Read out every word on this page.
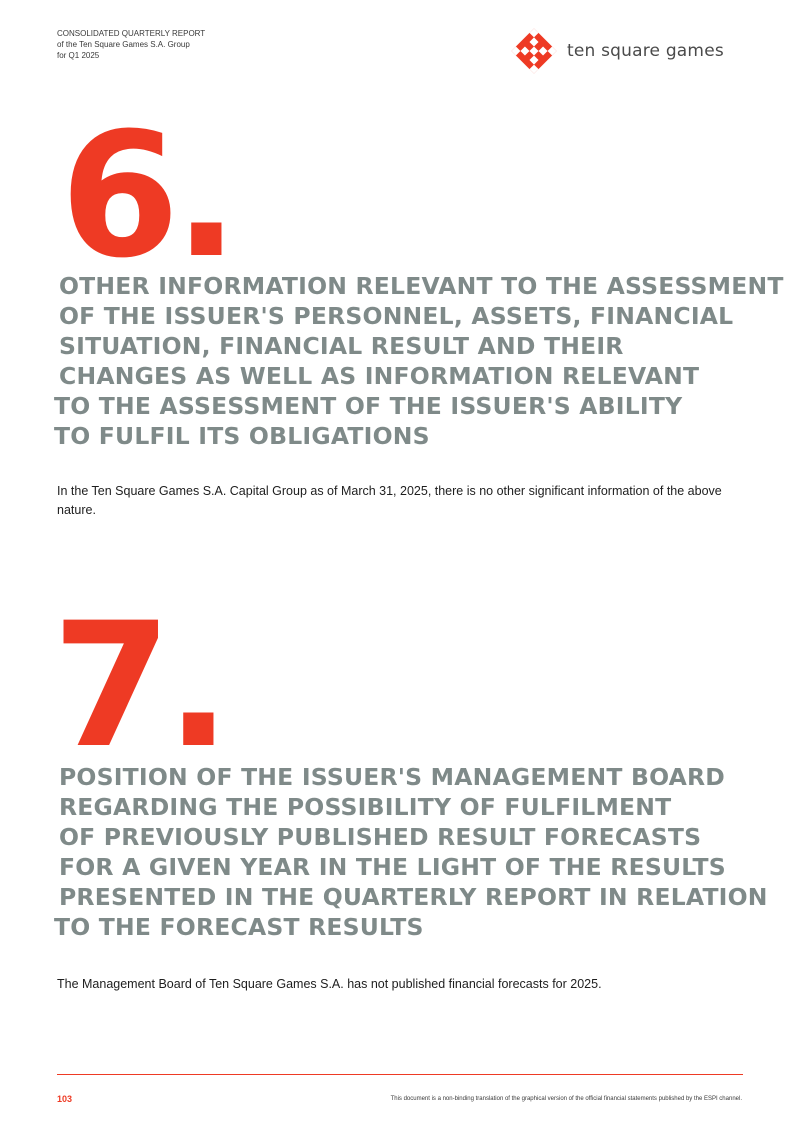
CONSOLIDATED QUARTERLY REPORT
of the Ten Square Games S.A. Group
for Q1 2025	ten square games
6.
OTHER INFORMATION RELEVANT TO THE ASSESSMENT
OF THE ISSUER'S PERSONNEL, ASSETS, FINANCIAL
SITUATION, FINANCIAL RESULT AND THEIR
CHANGES AS WELL AS INFORMATION RELEVANT
TO THE ASSESSMENT OF THE ISSUER'S ABILITY
TO FULFIL ITS OBLIGATIONS

In the Ten Square Games S.A. Capital Group as of March 31, 2025, there is no other significant information of the above nature.

7.
POSITION OF THE ISSUER'S MANAGEMENT BOARD
REGARDING THE POSSIBILITY OF FULFILMENT
OF PREVIOUSLY PUBLISHED RESULT FORECASTS
FOR A GIVEN YEAR IN THE LIGHT OF THE RESULTS
PRESENTED IN THE QUARTERLY REPORT IN RELATION
TO THE FORECAST RESULTS

The Management Board of Ten Square Games S.A. has not published financial forecasts for 2025.

103	This document is a non-binding translation of the graphical version of the official financial statements published by the ESPI channel.
